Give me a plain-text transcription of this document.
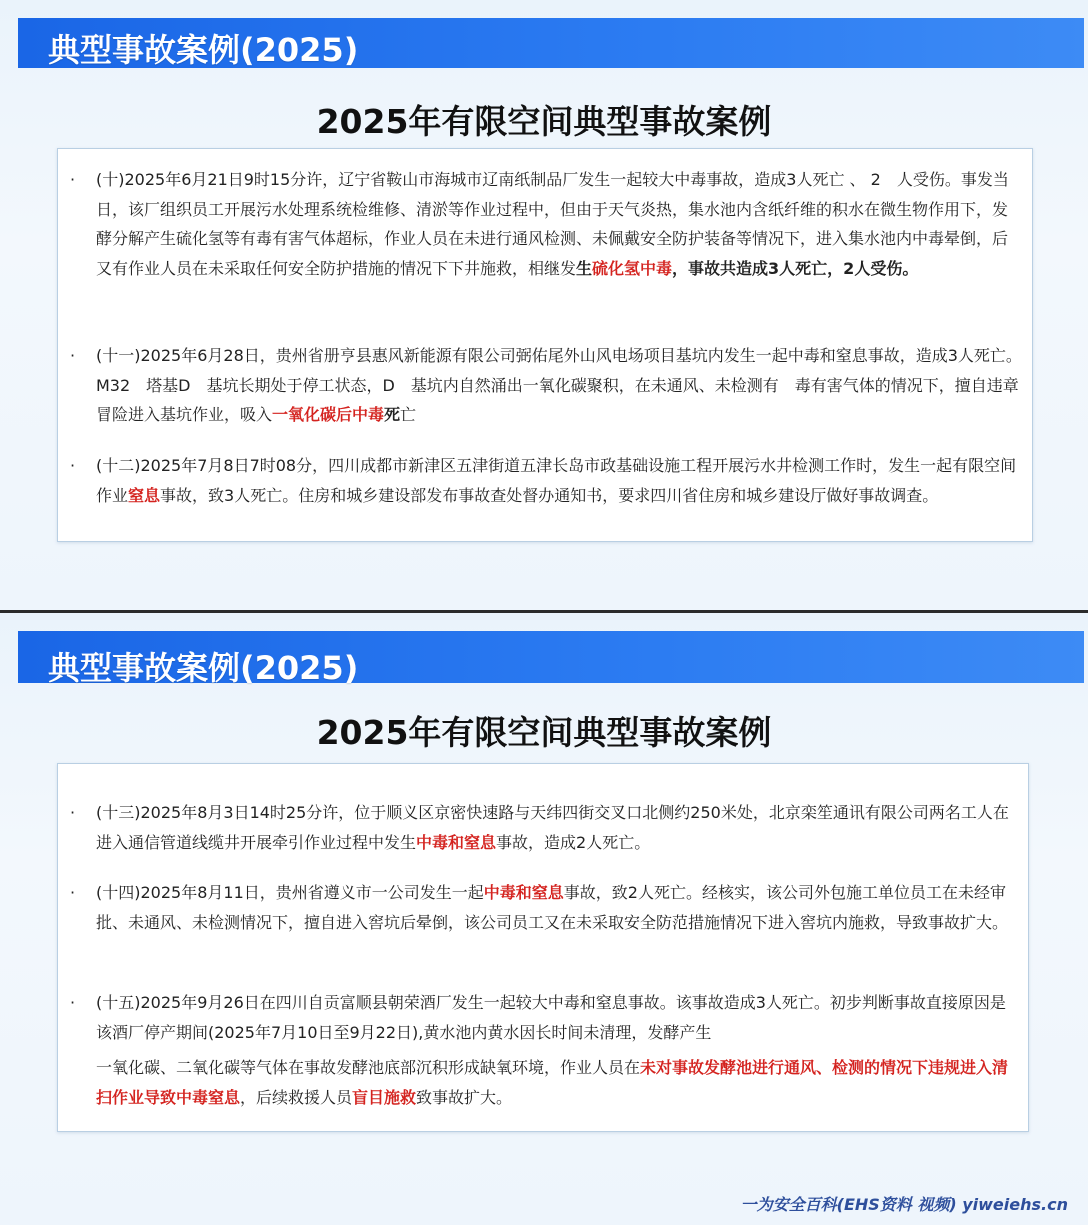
典型事故案例(2025)
2025年有限空间典型事故案例
·	(十)2025年6月21日9时15分许，辽宁省鞍山市海城市辽南纸制品厂发生一起较大中毒事故，造成3人死亡 、 2　人受伤。事发当日，该厂组织员工开展污水处理系统检维修、清淤等作业过程中，但由于天气炎热，集水池内含纸纤维的积水在微生物作用下，发酵分解产生硫化氢等有毒有害气体超标，作业人员在未进行通风检测、未佩戴安全防护装备等情况下，进入集水池内中毒晕倒，后又有作业人员在未采取任何安全防护措施的情况下下井施救，相继发生硫化氢中毒，事故共造成3人死亡，2人受伤。
·	(十一)2025年6月28日，贵州省册亨县惠风新能源有限公司弼佑尾外山风电场项目基坑内发生一起中毒和窒息事故，造成3人死亡。 M32　塔基D　基坑长期处于停工状态，D　基坑内自然涌出一氧化碳聚积，在未通风、未检测有　毒有害气体的情况下，擅自违章冒险进入基坑作业，吸入一氧化碳后中毒死亡
·	(十二)2025年7月8日7时08分，四川成都市新津区五津街道五津长岛市政基础设施工程开展污水井检测工作时，发生一起有限空间作业窒息事故，致3人死亡。住房和城乡建设部发布事故查处督办通知书，要求四川省住房和城乡建设厅做好事故调查。
典型事故案例(2025)
2025年有限空间典型事故案例
·	(十三)2025年8月3日14时25分许，位于顺义区京密快速路与天纬四街交叉口北侧约250米处，北京栾笙通讯有限公司两名工人在进入通信管道线缆井开展牵引作业过程中发生中毒和窒息事故，造成2人死亡。
·	(十四)2025年8月11日，贵州省遵义市一公司发生一起中毒和窒息事故，致2人死亡。经核实，该公司外包施工单位员工在未经审批、未通风、未检测情况下，擅自进入窖坑后晕倒，该公司员工又在未采取安全防范措施情况下进入窖坑内施救，导致事故扩大。
·	(十五)2025年9月26日在四川自贡富顺县朝荣酒厂发生一起较大中毒和窒息事故。该事故造成3人死亡。初步判断事故直接原因是该酒厂停产期间(2025年7月10日至9月22日),黄水池内黄水因长时间未清理，发酵产生
一氧化碳、二氧化碳等气体在事故发酵池底部沉积形成缺氧环境，作业人员在未对事故发酵池进行通风、检测的情况下违规进入清扫作业导致中毒窒息，后续救援人员盲目施救致事故扩大。
一为安全百科(EHS资料 视频) yiweiehs.cn
